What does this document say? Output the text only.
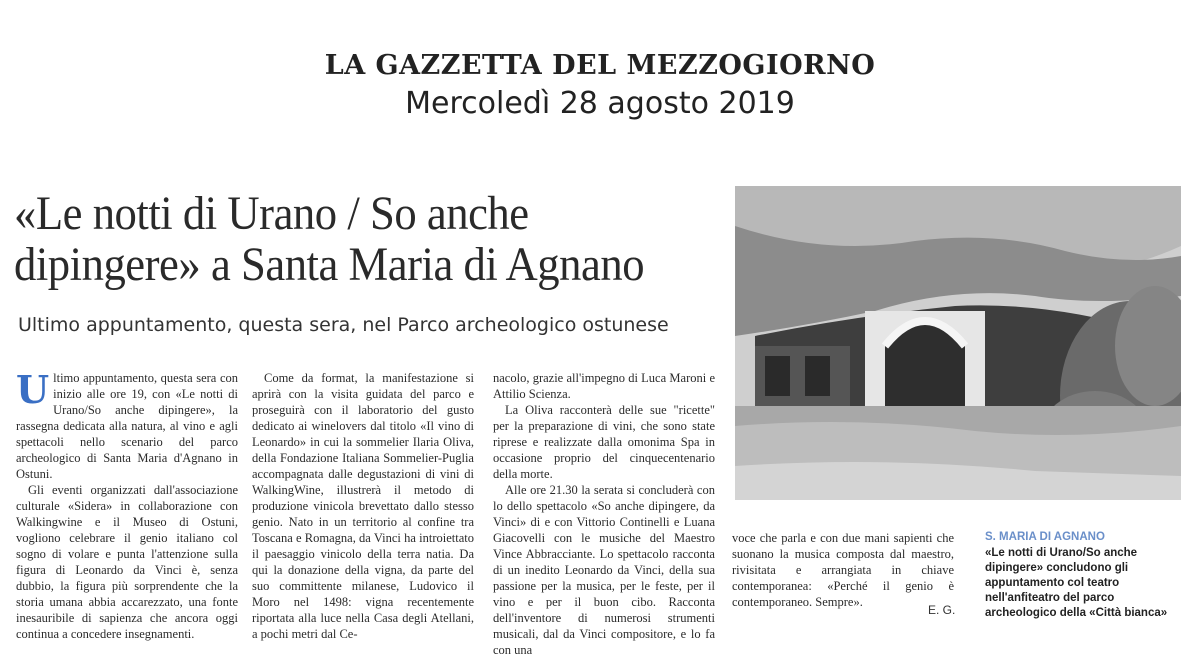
LA GAZZETTA DEL MEZZOGIORNO
Mercoledì 28 agosto 2019
«Le notti di Urano / So anche
dipingere» a Santa Maria di Agnano
Ultimo appuntamento, questa sera, nel Parco archeologico ostunese
U ltimo appuntamento, questa sera con inizio alle ore 19, con «Le notti di Urano/So anche dipingere», la rassegna dedicata alla natura, al vino e agli spettacoli nello scenario del parco archeologico di Santa Maria d'Agnano in Ostuni.

Gli eventi organizzati dall'associazione culturale «Sidera» in collaborazione con Walkingwine e il Museo di Ostuni, vogliono celebrare il genio italiano col sogno di volare e punta l'attenzione sulla figura di Leonardo da Vinci è, senza dubbio, la figura più sorprendente che la storia umana abbia accarezzato, una fonte inesauribile di sapienza che ancora oggi continua a concedere insegnamenti.

Come da format, la manifestazione si aprirà con la visita guidata del parco e proseguirà con il laboratorio del gusto dedicato ai winelovers dal titolo «Il vino di Leonardo» in cui la sommelier Ilaria Oliva, della Fondazione Italiana Sommelier-Puglia accompagnata dalle degustazioni di vini di WalkingWine, illustrerà il metodo di produzione vinicola brevettato dallo stesso genio. Nato in un territorio al confine tra Toscana e Romagna, da Vinci ha introiettato il paesaggio vinicolo della terra natia. Da qui la donazione della vigna, da parte del suo committente milanese, Ludovico il Moro nel 1498: vigna recentemente riportata alla luce nella Casa degli Atellani, a pochi metri dal Ce-

nacolo, grazie all'impegno di Luca Maroni e Attilio Scienza.

La Oliva racconterà delle sue "ricette" per la preparazione di vini, che sono state riprese e realizzate dalla omonima Spa in occasione proprio del cinquecentenario della morte.

Alle ore 21.30 la serata si concluderà con lo dello spettacolo «So anche dipingere, da Vinci» di e con Vittorio Continelli e Luana Giacovelli con le musiche del Maestro Vince Abbracciante. Lo spettacolo racconta di un inedito Leonardo da Vinci, della sua passione per la musica, per le feste, per il vino e per il buon cibo. Racconta dell'inventore di numerosi strumenti musicali, dal da Vinci compositore, e lo fa con una

voce che parla e con due mani sapienti che suonano la musica composta dal maestro, rivisitata e arrangiata in chiave contemporanea: «Perché il genio è contemporaneo. Sempre».

E. G.
S. MARIA DI AGNANO
«Le notti di Urano/So anche dipingere» concludono gli appuntamento col teatro nell'anfiteatro del parco archeologico della «Città bianca»
